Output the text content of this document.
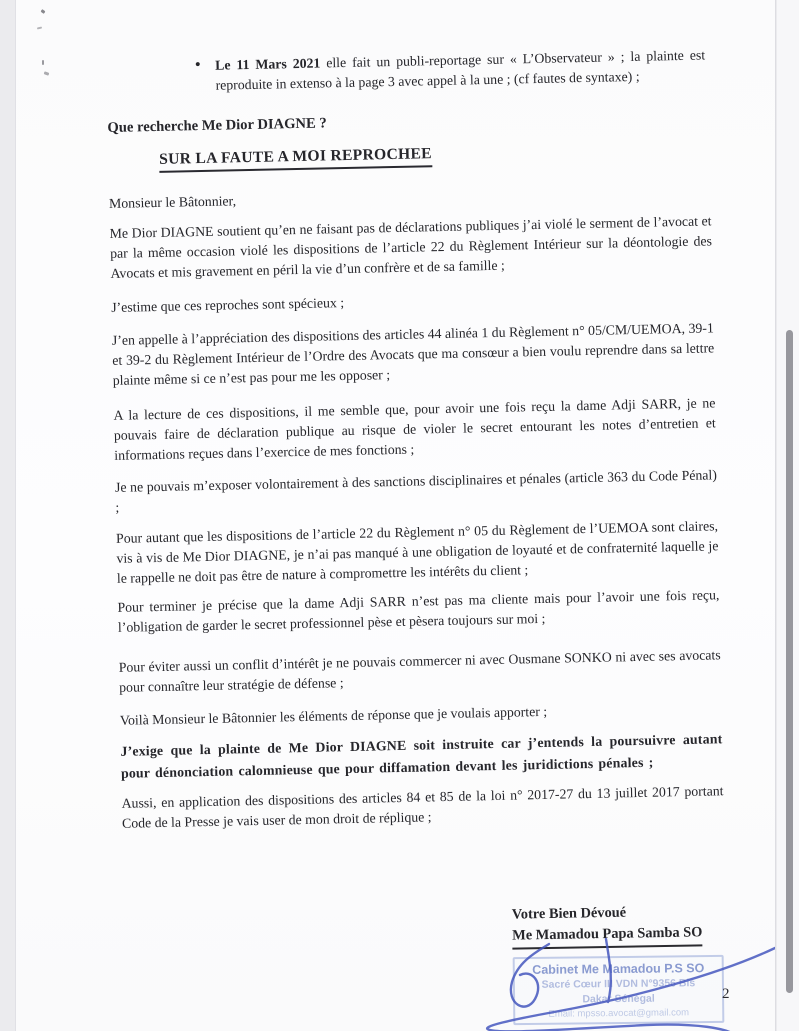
• Le 11 Mars 2021 elle fait un publi-reportage sur « L’Observateur » ; la plainte est reproduite in extenso à la page 3 avec appel à la une ; (cf fautes de syntaxe) ;
Que recherche Me Dior DIAGNE ?
SUR LA FAUTE A MOI REPROCHEE
Monsieur le Bâtonnier,
Me Dior DIAGNE soutient qu’en ne faisant pas de déclarations publiques j’ai violé le serment de l’avocat et par la même occasion violé les dispositions de l’article 22 du Règlement Intérieur sur la déontologie des Avocats et mis gravement en péril la vie d’un confrère et de sa famille ;
J’estime que ces reproches sont spécieux ;
J’en appelle à l’appréciation des dispositions des articles 44 alinéa 1 du Règlement n° 05/CM/UEMOA, 39-1 et 39-2 du Règlement Intérieur de l’Ordre des Avocats que ma consœur a bien voulu reprendre dans sa lettre plainte même si ce n’est pas pour me les opposer ;
A la lecture de ces dispositions, il me semble que, pour avoir une fois reçu la dame Adji SARR, je ne pouvais faire de déclaration publique au risque de violer le secret entourant les notes d’entretien et informations reçues dans l’exercice de mes fonctions ;
Je ne pouvais m’exposer volontairement à des sanctions disciplinaires et pénales (article 363 du Code Pénal) ;
Pour autant que les dispositions de l’article 22 du Règlement n° 05 du Règlement de l’UEMOA sont claires, vis à vis de Me Dior DIAGNE, je n’ai pas manqué à une obligation de loyauté et de confraternité laquelle je le rappelle ne doit pas être de nature à compromettre les intérêts du client ;
Pour terminer je précise que la dame Adji SARR n’est pas ma cliente mais pour l’avoir une fois reçu, l’obligation de garder le secret professionnel pèse et pèsera toujours sur moi ;
Pour éviter aussi un conflit d’intérêt je ne pouvais commercer ni avec Ousmane SONKO ni avec ses avocats pour connaître leur stratégie de défense ;
Voilà Monsieur le Bâtonnier les éléments de réponse que je voulais apporter ;
J’exige que la plainte de Me Dior DIAGNE soit instruite car j’entends la poursuivre autant pour dénonciation calomnieuse que pour diffamation devant les juridictions pénales ;
Aussi, en application des dispositions des articles 84 et 85 de la loi n° 2017-27 du 13 juillet 2017 portant Code de la Presse je vais user de mon droit de réplique ;
Votre Bien Dévoué
Me Mamadou Papa Samba SO
Cabinet Me Mamadou P.S SO
Sacré Cœur III VDN N°9356 Bis
Dakar Sénégal
Email: mpsso.avocat@gmail.com
2
